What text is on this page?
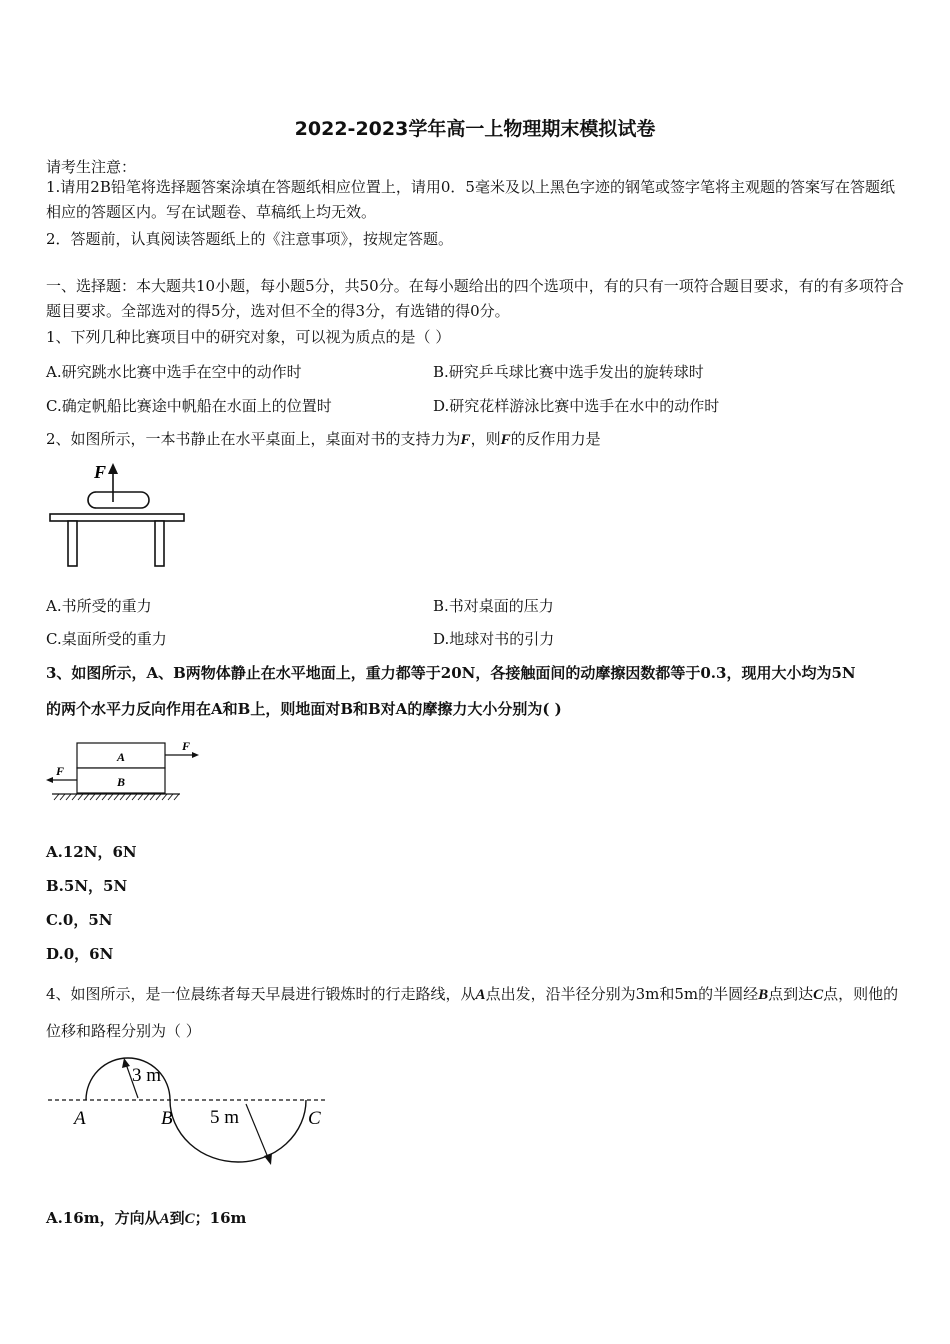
2022-2023学年高一上物理期末模拟试卷
请考生注意：
1.请用2B铅笔将选择题答案涂填在答题纸相应位置上，请用0．5毫米及以上黑色字迹的钢笔或签字笔将主观题的答案写在答题纸相应的答题区内。写在试题卷、草稿纸上均无效。
2．答题前，认真阅读答题纸上的《注意事项》，按规定答题。
一、选择题：本大题共10小题，每小题5分，共50分。在每小题给出的四个选项中，有的只有一项符合题目要求，有的有多项符合题目要求。全部选对的得5分，选对但不全的得3分，有选错的得0分。
1、下列几种比赛项目中的研究对象，可以视为质点的是（ ）
A.研究跳水比赛中选手在空中的动作时	B.研究乒乓球比赛中选手发出的旋转球时
C.确定帆船比赛途中帆船在水面上的位置时	D.研究花样游泳比赛中选手在水中的动作时
2、如图所示，一本书静止在水平桌面上，桌面对书的支持力为F，则F的反作用力是
F
A.书所受的重力	B.书对桌面的压力
C.桌面所受的重力	D.地球对书的引力
3、如图所示，A、B两物体静止在水平地面上，重力都等于20N，各接触面间的动摩擦因数都等于0.3，现用大小均为5N
的两个水平力反向作用在A和B上，则地面对B和B对A的摩擦力大小分别为( )
A
B
F
F
A.12N，6N
B.5N，5N
C.0，5N
D.0，6N
4、如图所示，是一位晨练者每天早晨进行锻炼时的行走路线，从A点出发，沿半径分别为3m和5m的半圆经B点到达C点，则他的位移和路程分别为（ ）
3 m
5 m
A	B	C
A.16m，方向从A到C；16m
